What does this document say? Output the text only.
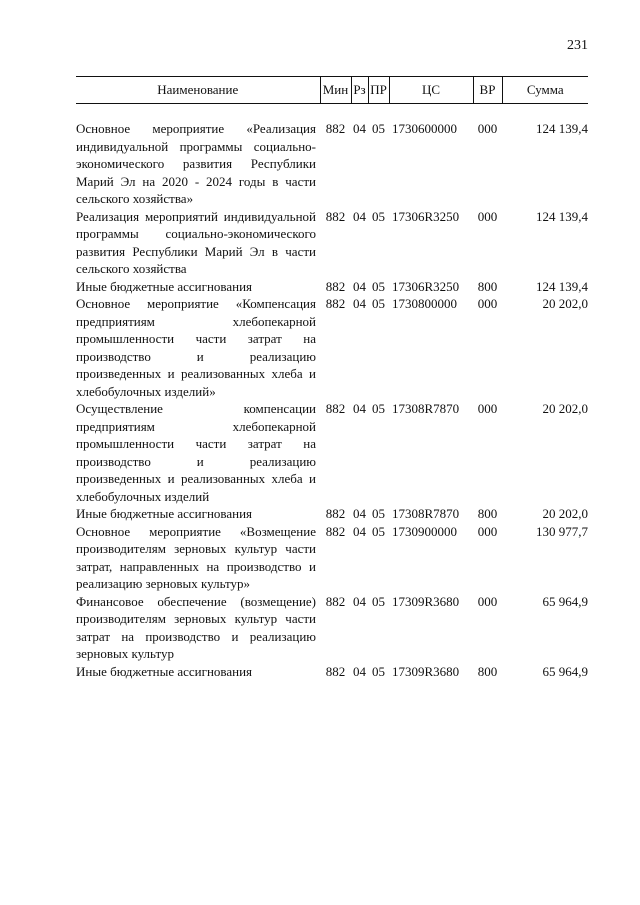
231
Наименование	Мин	Рз	ПР	ЦС	ВР	Сумма

Основное мероприятие «Реализация индивидуальной программы социально-экономического развития Республики Марий Эл на 2020 - 2024 годы в части сельского хозяйства»	882	04	05	1730600000	000	124 139,4
Реализация мероприятий индивидуальной программы социально-экономического развития Республики Марий Эл в части сельского хозяйства	882	04	05	17306R3250	000	124 139,4
Иные бюджетные ассигнования	882	04	05	17306R3250	800	124 139,4
Основное мероприятие «Компенсация предприятиям хлебопекарной промышленности части затрат на производство и реализацию произведенных и реализованных хлеба и хлебобулочных изделий»	882	04	05	1730800000	000	20 202,0
Осуществление компенсации предприятиям хлебопекарной промышленности части затрат на производство и реализацию произведенных и реализованных хлеба и хлебобулочных изделий	882	04	05	17308R7870	000	20 202,0
Иные бюджетные ассигнования	882	04	05	17308R7870	800	20 202,0
Основное мероприятие «Возмещение производителям зерновых культур части затрат, направленных на производство и реализацию зерновых культур»	882	04	05	1730900000	000	130 977,7
Финансовое обеспечение (возмещение) производителям зерновых культур части затрат на производство и реализацию зерновых культур	882	04	05	17309R3680	000	65 964,9
Иные бюджетные ассигнования	882	04	05	17309R3680	800	65 964,9
